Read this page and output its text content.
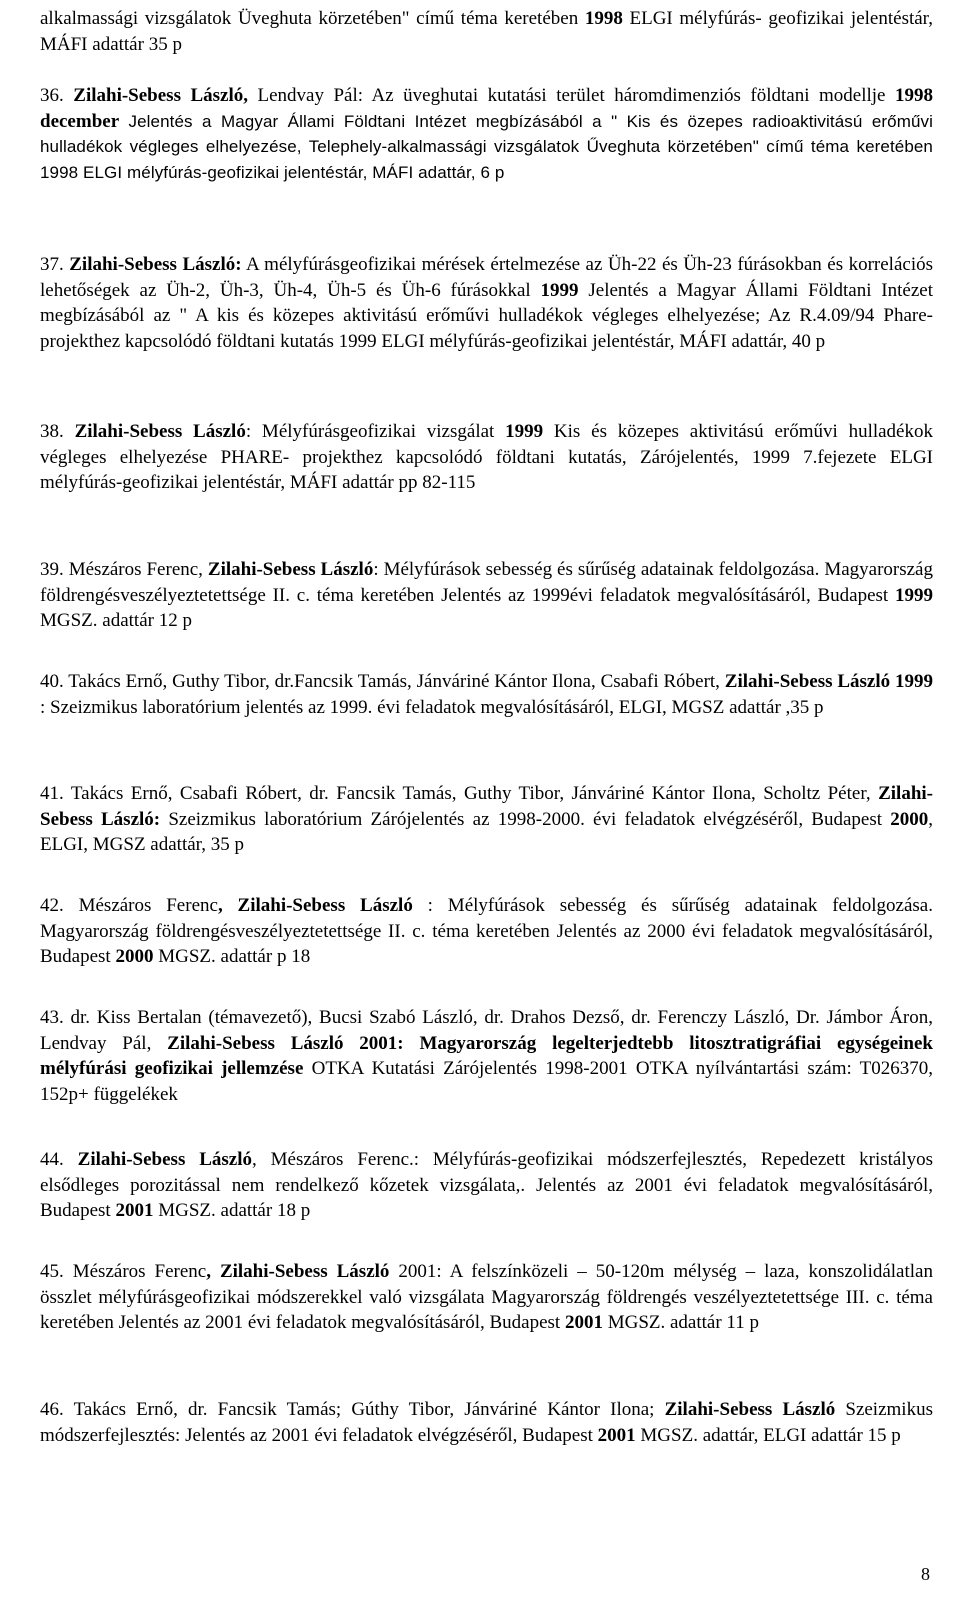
alkalmassági vizsgálatok Üveghuta körzetében" című téma keretében 1998 ELGI mélyfúrás- geofizikai jelentéstár, MÁFI adattár 35 p

36. Zilahi-Sebess László, Lendvay Pál: Az üveghutai kutatási terület háromdimenziós földtani modellje 1998 december Jelentés a Magyar Állami Földtani Intézet megbízásából a " Kis és özepes radioaktivitású erőművi hulladékok végleges elhelyezése, Telephely-alkalmassági vizsgálatok Űveghuta körzetében" című téma keretében 1998 ELGI mélyfúrás-geofizikai jelentéstár, MÁFI adattár, 6 p

37. Zilahi-Sebess László: A mélyfúrásgeofizikai mérések értelmezése az Üh-22 és Üh-23 fúrásokban és korrelációs lehetőségek az Üh-2, Üh-3, Üh-4, Üh-5 és Üh-6 fúrásokkal 1999 Jelentés a Magyar Állami Földtani Intézet megbízásából az " A kis és közepes aktivitású erőművi hulladékok végleges elhelyezése; Az R.4.09/94 Phare-projekthez kapcsolódó földtani kutatás 1999 ELGI mélyfúrás-geofizikai jelentéstár, MÁFI adattár, 40 p

38. Zilahi-Sebess László: Mélyfúrásgeofizikai vizsgálat 1999 Kis és közepes aktivitású erőművi hulladékok végleges elhelyezése PHARE- projekthez kapcsolódó földtani kutatás, Zárójelentés, 1999 7.fejezete ELGI mélyfúrás-geofizikai jelentéstár, MÁFI adattár pp 82-115

39. Mészáros Ferenc, Zilahi-Sebess László: Mélyfúrások sebesség és sűrűség adatainak feldolgozása. Magyarország földrengésveszélyeztetettsége II. c. téma keretében Jelentés az 1999évi feladatok megvalósításáról, Budapest 1999 MGSZ. adattár 12 p

40. Takács Ernő, Guthy Tibor, dr.Fancsik Tamás, Jánváriné Kántor Ilona, Csabafi Róbert, Zilahi-Sebess László 1999 : Szeizmikus laboratórium jelentés az 1999. évi feladatok megvalósításáról, ELGI, MGSZ adattár ,35 p

41. Takács Ernő, Csabafi Róbert, dr. Fancsik Tamás, Guthy Tibor, Jánváriné Kántor Ilona, Scholtz Péter, Zilahi-Sebess László: Szeizmikus laboratórium Zárójelentés az 1998-2000. évi feladatok elvégzéséről, Budapest 2000, ELGI, MGSZ adattár, 35 p

42. Mészáros Ferenc, Zilahi-Sebess László : Mélyfúrások sebesség és sűrűség adatainak feldolgozása. Magyarország földrengésveszélyeztetettsége II. c. téma keretében Jelentés az 2000 évi feladatok megvalósításáról, Budapest 2000 MGSZ. adattár p 18

43. dr. Kiss Bertalan (témavezető), Bucsi Szabó László, dr. Drahos Dezső, dr. Ferenczy László, Dr. Jámbor Áron, Lendvay Pál, Zilahi-Sebess László 2001: Magyarország legelterjedtebb litosztratigráfiai egységeinek mélyfúrási geofizikai jellemzése OTKA Kutatási Zárójelentés 1998-2001 OTKA nyílvántartási szám: T026370, 152p+ függelékek

44. Zilahi-Sebess László, Mészáros Ferenc.: Mélyfúrás-geofizikai módszerfejlesztés, Repedezett kristályos elsődleges porozitással nem rendelkező kőzetek vizsgálata,. Jelentés az 2001 évi feladatok megvalósításáról, Budapest 2001 MGSZ. adattár 18 p

45. Mészáros Ferenc, Zilahi-Sebess László 2001: A felszínközeli – 50-120m mélység – laza, konszolidálatlan összlet mélyfúrásgeofizikai módszerekkel való vizsgálata Magyarország földrengés veszélyeztetettsége III. c. téma keretében Jelentés az 2001 évi feladatok megvalósításáról, Budapest 2001 MGSZ. adattár 11 p

46. Takács Ernő, dr. Fancsik Tamás; Gúthy Tibor, Jánváriné Kántor Ilona; Zilahi-Sebess László Szeizmikus módszerfejlesztés: Jelentés az 2001 évi feladatok elvégzéséről, Budapest 2001 MGSZ. adattár, ELGI adattár 15 p

8
